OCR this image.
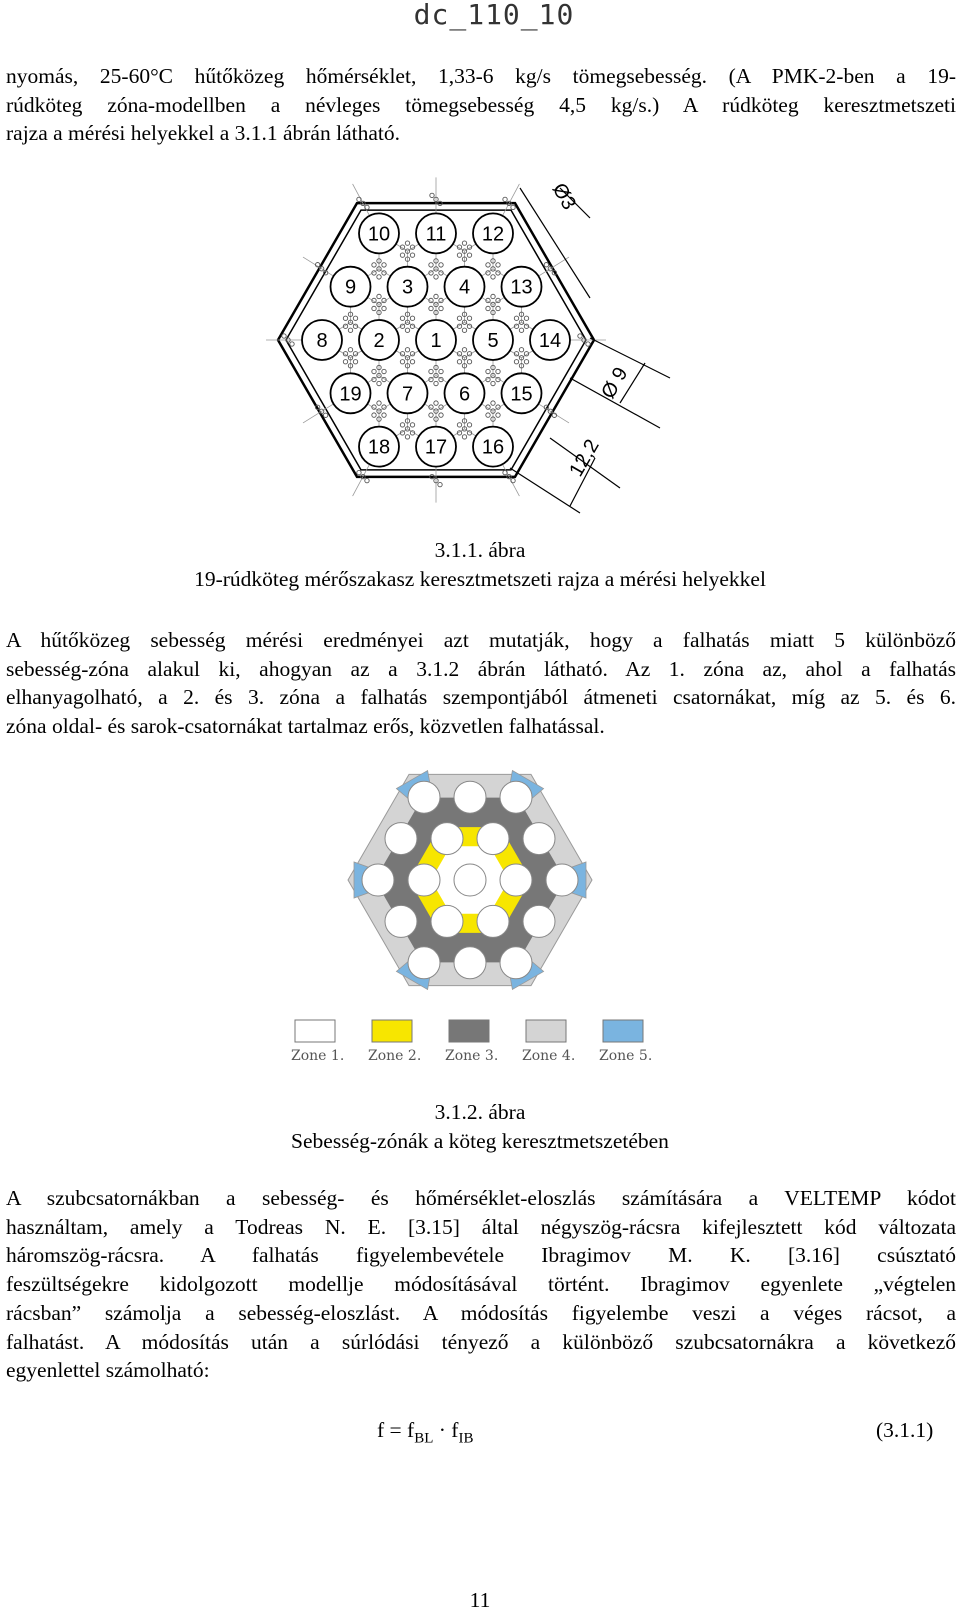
dc_110_10
nyomás, 25-60°C hűtőközeg hőmérséklet, 1,33-6 kg/s tömegsebesség. (A PMK-2-ben a 19-
rúdköteg zóna-modellben a névleges tömegsebesség 4,5 kg/s.) A rúdköteg keresztmetszeti
rajza a mérési helyekkel a 3.1.1 ábrán látható.
10 11 12
9 3 4 13
8 2 1 5 14
19 7 6 15
18 17 16
Ø3
Ø 9
12,2
3.1.1. ábra
19-rúdköteg mérőszakasz keresztmetszeti rajza a mérési helyekkel
A hűtőközeg sebesség mérési eredményei azt mutatják, hogy a falhatás miatt 5 különböző
sebesség-zóna alakul ki, ahogyan az a 3.1.2 ábrán látható. Az 1. zóna az, ahol a falhatás
elhanyagolható, a 2. és 3. zóna a falhatás szempontjából átmeneti csatornákat, míg az 5. és 6.
zóna oldal- és sarok-csatornákat tartalmaz erős, közvetlen falhatással.
Zone 1. Zone 2. Zone 3. Zone 4. Zone 5.
3.1.2. ábra
Sebesség-zónák a köteg keresztmetszetében
A szubcsatornákban a sebesség- és hőmérséklet-eloszlás számítására a VELTEMP kódot
használtam, amely a Todreas N. E. [3.15] által négyszög-rácsra kifejlesztett kód változata
háromszög-rácsra. A falhatás figyelembevétele Ibragimov M. K. [3.16] csúsztató
feszültségekre kidolgozott modellje módosításával történt. Ibragimov egyenlete „végtelen
rácsban” számolja a sebesség-eloszlást. A módosítás figyelembe veszi a véges rácsot, a
falhatást. A módosítás után a súrlódási tényező a különböző szubcsatornákra a következő
egyenlettel számolható:
$f = f_{BL} \cdot f_{IB}$	(3.1.1)
11
